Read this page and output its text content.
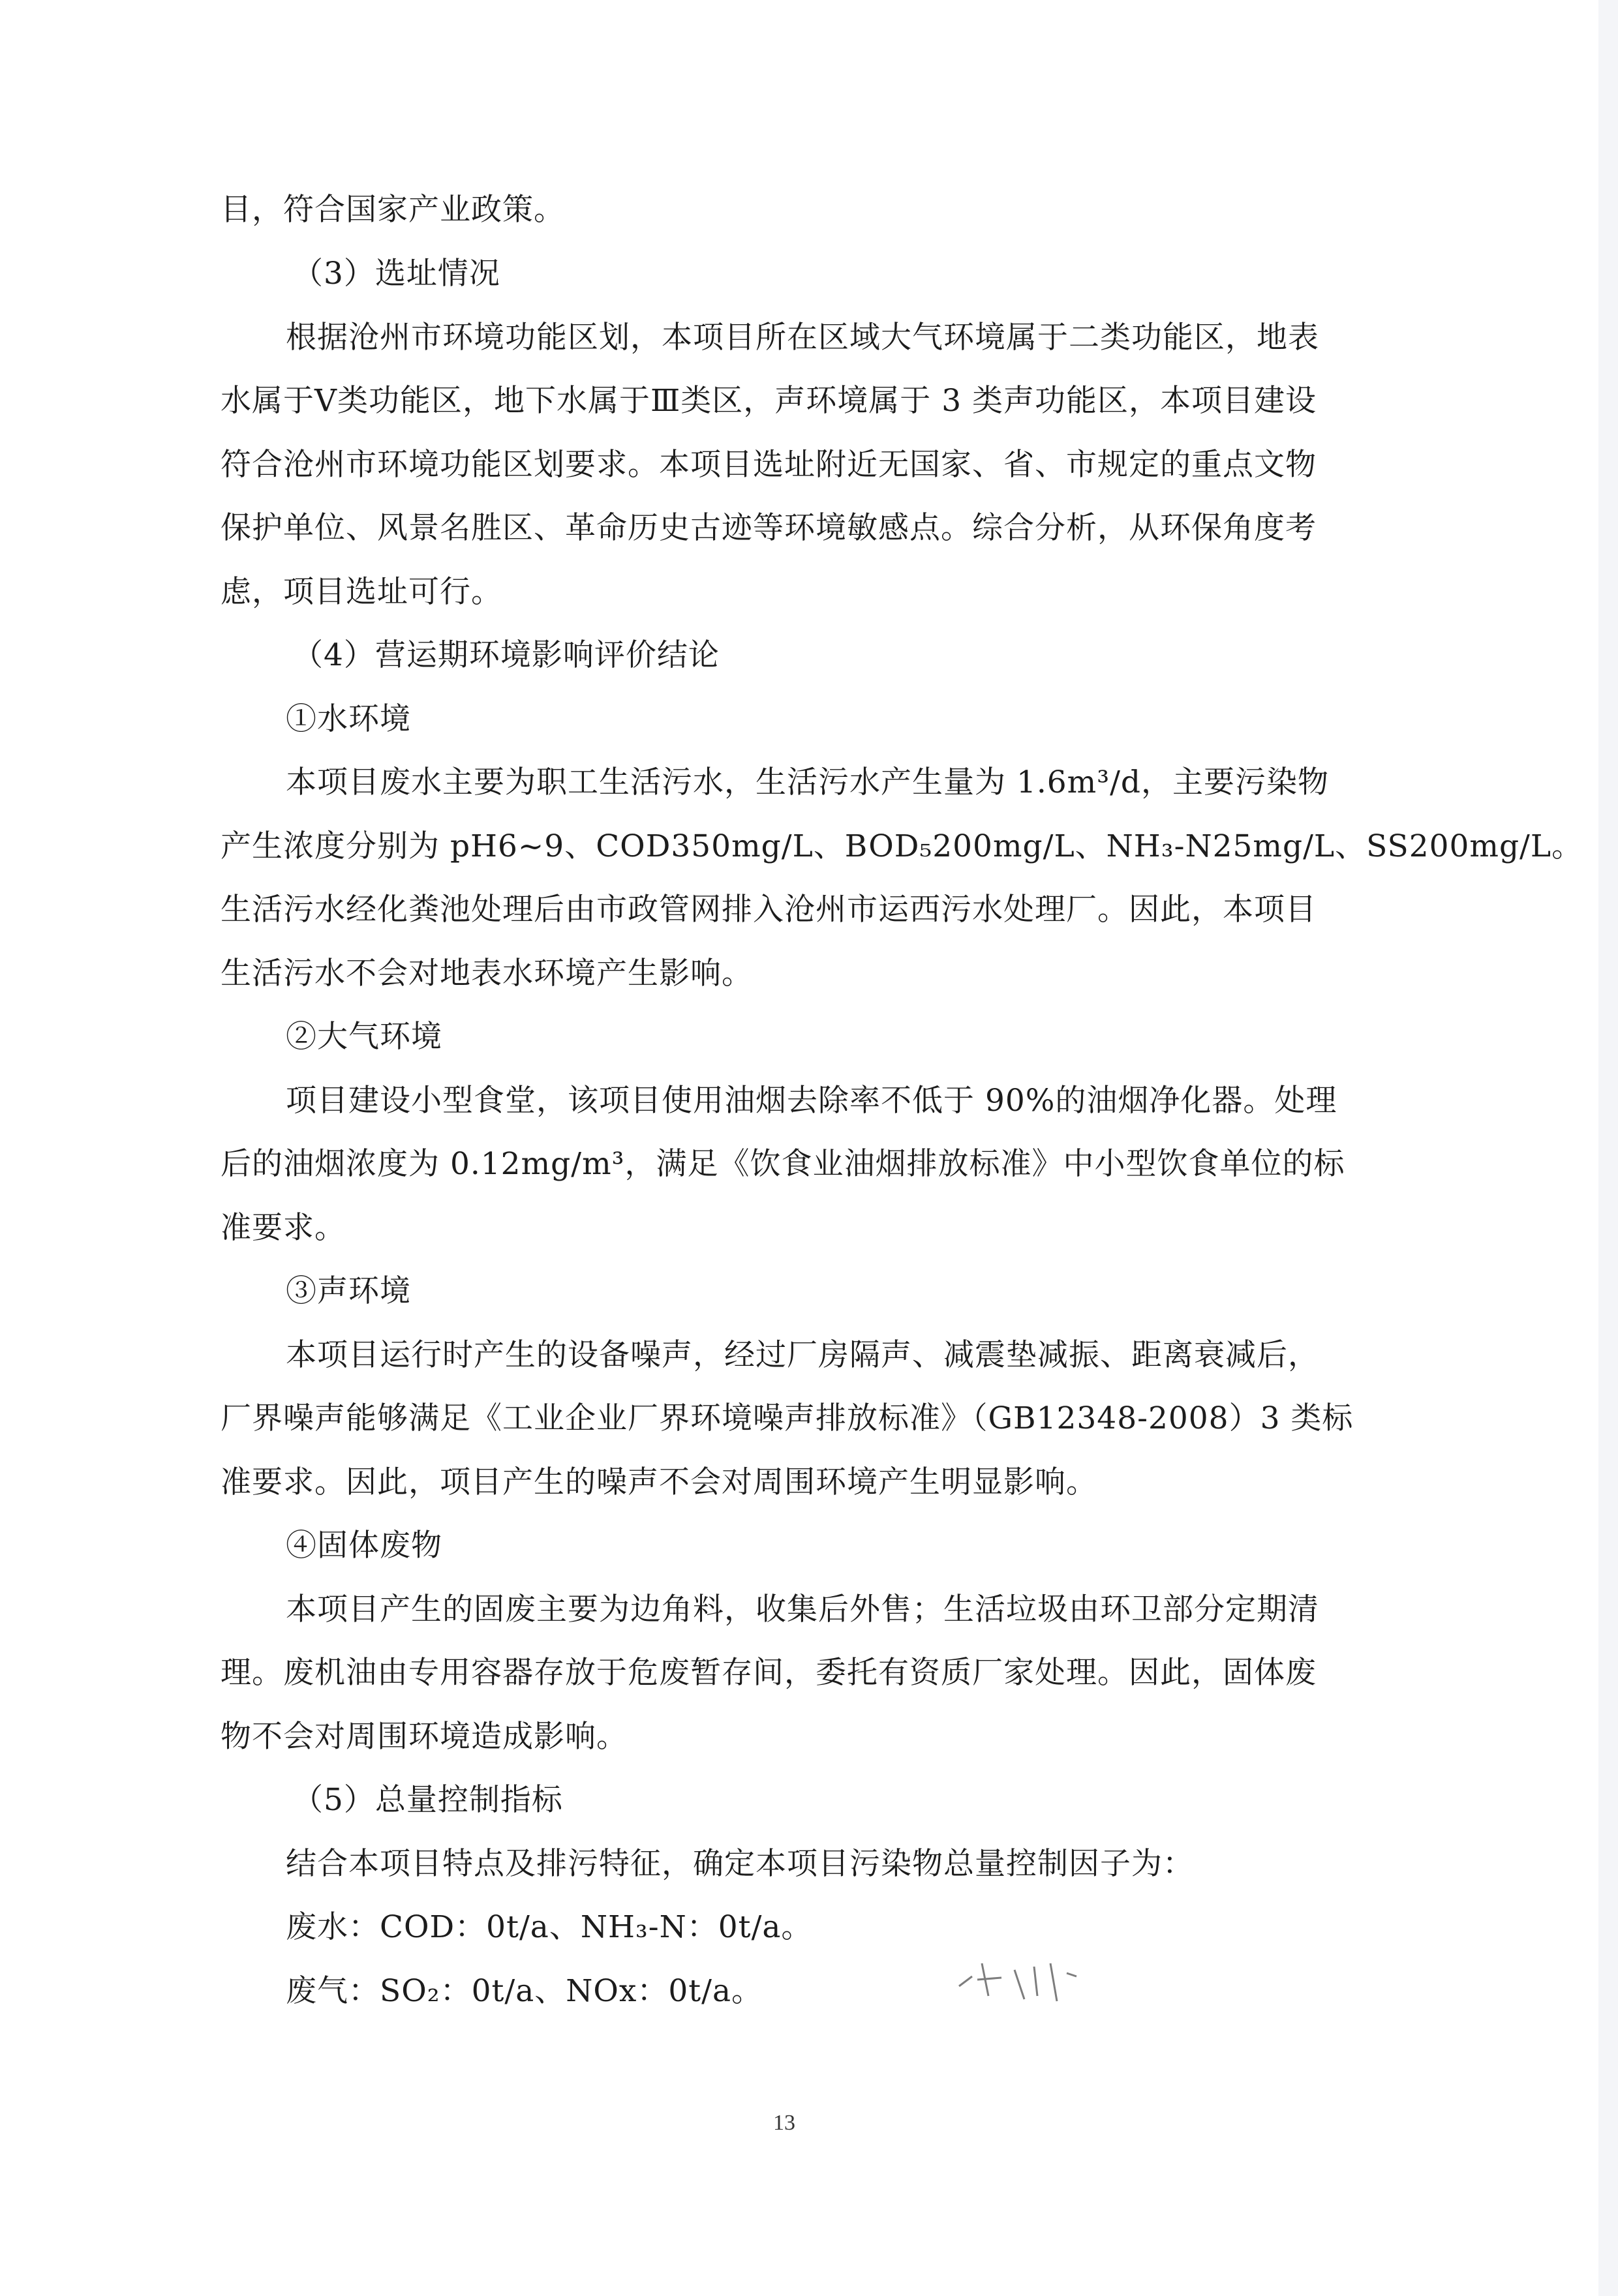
目，符合国家产业政策。
（3）选址情况
根据沧州市环境功能区划，本项目所在区域大气环境属于二类功能区，地表
水属于Ⅴ类功能区，地下水属于Ⅲ类区，声环境属于 3 类声功能区，本项目建设
符合沧州市环境功能区划要求。本项目选址附近无国家、省、市规定的重点文物
保护单位、风景名胜区、革命历史古迹等环境敏感点。综合分析，从环保角度考
虑，项目选址可行。
（4）营运期环境影响评价结论
①水环境
本项目废水主要为职工生活污水，生活污水产生量为 1.6m³/d，主要污染物
产生浓度分别为 pH6~9、COD350mg/L、BOD₅200mg/L、NH₃-N25mg/L、SS200mg/L。
生活污水经化粪池处理后由市政管网排入沧州市运西污水处理厂。因此，本项目
生活污水不会对地表水环境产生影响。
②大气环境
项目建设小型食堂，该项目使用油烟去除率不低于 90%的油烟净化器。处理
后的油烟浓度为 0.12mg/m³，满足《饮食业油烟排放标准》中小型饮食单位的标
准要求。
③声环境
本项目运行时产生的设备噪声，经过厂房隔声、减震垫减振、距离衰减后，
厂界噪声能够满足《工业企业厂界环境噪声排放标准》（GB12348-2008）3 类标
准要求。因此，项目产生的噪声不会对周围环境产生明显影响。
④固体废物
本项目产生的固废主要为边角料，收集后外售；生活垃圾由环卫部分定期清
理。废机油由专用容器存放于危废暂存间，委托有资质厂家处理。因此，固体废
物不会对周围环境造成影响。
（5）总量控制指标
结合本项目特点及排污特征，确定本项目污染物总量控制因子为：
废水：COD：0t/a、NH₃-N：0t/a。
废气：SO₂：0t/a、NOx：0t/a。
13
